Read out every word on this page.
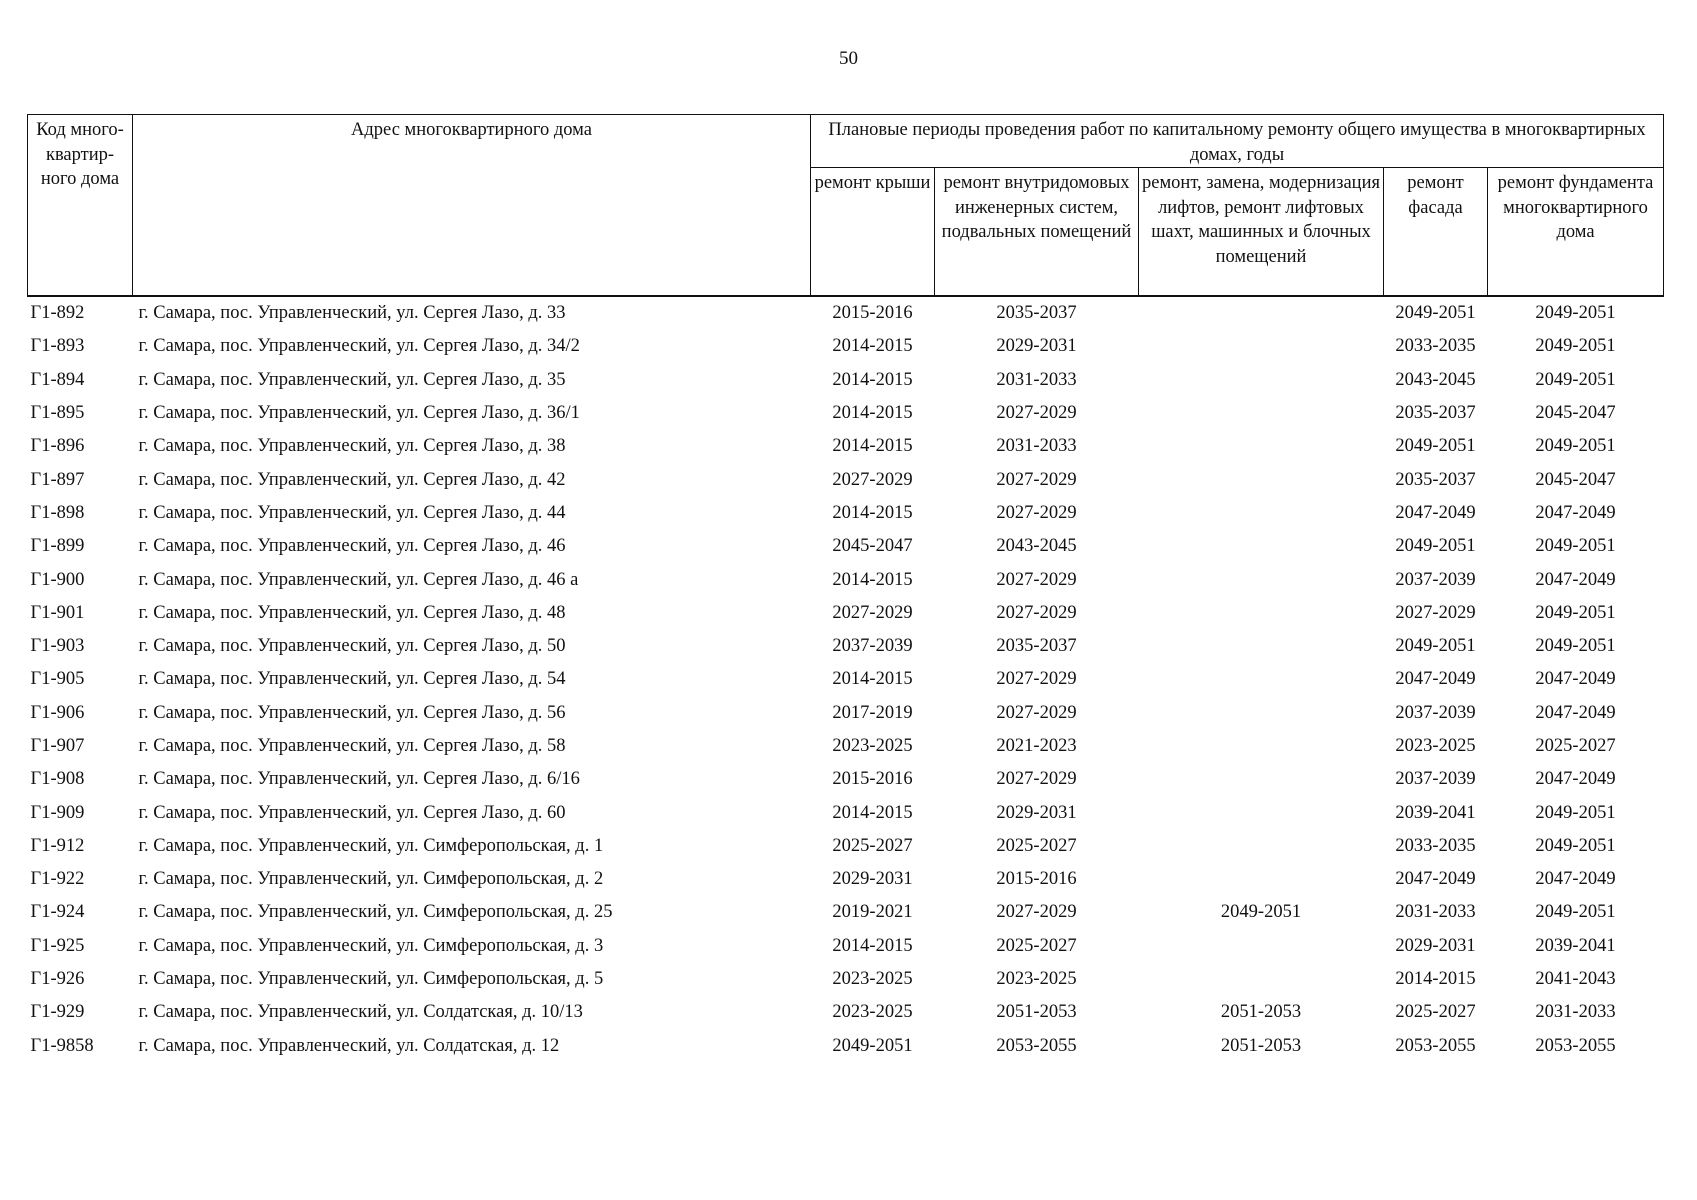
50
Код много-квартир-ного дома	Адрес многоквартирного дома	Плановые периоды проведения работ по капитальному ремонту общего имущества в многоквартирных домах, годы				
		ремонт крыши	ремонт внутридомовых инженерных систем, подвальных помещений	ремонт, замена, модернизация лифтов, ремонт лифтовых шахт, машинных и блочных помещений	ремонт фасада	ремонт фундамента многоквартирного дома
Г1-892	г. Самара, пос. Управленческий, ул. Сергея Лазо, д. 33	2015-2016	2035-2037		2049-2051	2049-2051
Г1-893	г. Самара, пос. Управленческий, ул. Сергея Лазо, д. 34/2	2014-2015	2029-2031		2033-2035	2049-2051
Г1-894	г. Самара, пос. Управленческий, ул. Сергея Лазо, д. 35	2014-2015	2031-2033		2043-2045	2049-2051
Г1-895	г. Самара, пос. Управленческий, ул. Сергея Лазо, д. 36/1	2014-2015	2027-2029		2035-2037	2045-2047
Г1-896	г. Самара, пос. Управленческий, ул. Сергея Лазо, д. 38	2014-2015	2031-2033		2049-2051	2049-2051
Г1-897	г. Самара, пос. Управленческий, ул. Сергея Лазо, д. 42	2027-2029	2027-2029		2035-2037	2045-2047
Г1-898	г. Самара, пос. Управленческий, ул. Сергея Лазо, д. 44	2014-2015	2027-2029		2047-2049	2047-2049
Г1-899	г. Самара, пос. Управленческий, ул. Сергея Лазо, д. 46	2045-2047	2043-2045		2049-2051	2049-2051
Г1-900	г. Самара, пос. Управленческий, ул. Сергея Лазо, д. 46 а	2014-2015	2027-2029		2037-2039	2047-2049
Г1-901	г. Самара, пос. Управленческий, ул. Сергея Лазо, д. 48	2027-2029	2027-2029		2027-2029	2049-2051
Г1-903	г. Самара, пос. Управленческий, ул. Сергея Лазо, д. 50	2037-2039	2035-2037		2049-2051	2049-2051
Г1-905	г. Самара, пос. Управленческий, ул. Сергея Лазо, д. 54	2014-2015	2027-2029		2047-2049	2047-2049
Г1-906	г. Самара, пос. Управленческий, ул. Сергея Лазо, д. 56	2017-2019	2027-2029		2037-2039	2047-2049
Г1-907	г. Самара, пос. Управленческий, ул. Сергея Лазо, д. 58	2023-2025	2021-2023		2023-2025	2025-2027
Г1-908	г. Самара, пос. Управленческий, ул. Сергея Лазо, д. 6/16	2015-2016	2027-2029		2037-2039	2047-2049
Г1-909	г. Самара, пос. Управленческий, ул. Сергея Лазо, д. 60	2014-2015	2029-2031		2039-2041	2049-2051
Г1-912	г. Самара, пос. Управленческий, ул. Симферопольская, д. 1	2025-2027	2025-2027		2033-2035	2049-2051
Г1-922	г. Самара, пос. Управленческий, ул. Симферопольская, д. 2	2029-2031	2015-2016		2047-2049	2047-2049
Г1-924	г. Самара, пос. Управленческий, ул. Симферопольская, д. 25	2019-2021	2027-2029	2049-2051	2031-2033	2049-2051
Г1-925	г. Самара, пос. Управленческий, ул. Симферопольская, д. 3	2014-2015	2025-2027		2029-2031	2039-2041
Г1-926	г. Самара, пос. Управленческий, ул. Симферопольская, д. 5	2023-2025	2023-2025		2014-2015	2041-2043
Г1-929	г. Самара, пос. Управленческий, ул. Солдатская, д. 10/13	2023-2025	2051-2053	2051-2053	2025-2027	2031-2033
Г1-9858	г. Самара, пос. Управленческий, ул. Солдатская, д. 12	2049-2051	2053-2055	2051-2053	2053-2055	2053-2055
